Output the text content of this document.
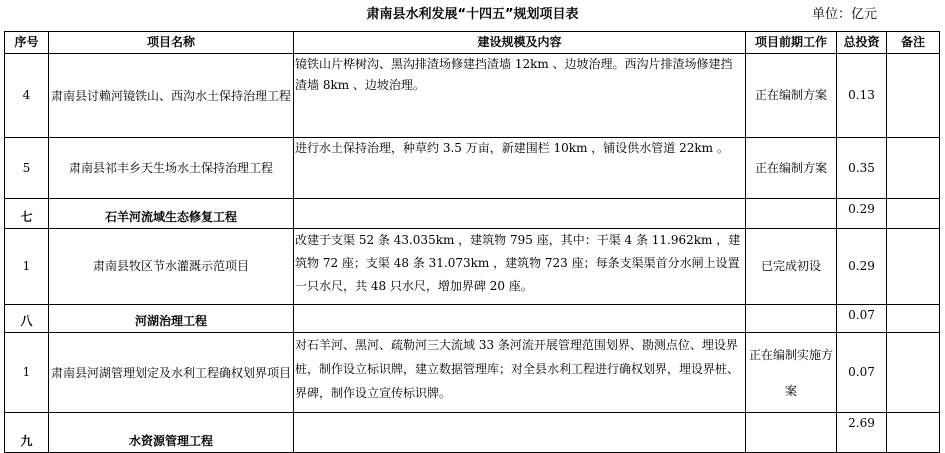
肃南县水利发展“十四五”规划项目表	单位：亿元
序号	项目名称	建设规模及内容	项目前期工作	总投资	备注
4	肃南县讨赖河镜铁山、西沟水土保持治理工程	镜铁山片桦树沟、黑沟排渣场修建挡渣墙 12km 、边坡治理。西沟片排渣场修建挡渣墙 8km 、边坡治理。	正在编制方案	0.13	
5	肃南县祁丰乡天生场水土保持治理工程	进行水土保持治理，种草约 3.5 万亩，新建围栏 10km ，铺设供水管道 22km 。	正在编制方案	0.35	
七	石羊河流域生态修复工程			0.29	
1	肃南县牧区节水灌溉示范项目	改建于支渠 52 条 43.035km ，建筑物 795 座，其中：干渠 4 条 11.962km ，建筑物 72 座；支渠 48 条 31.073km ，建筑物 723 座；每条支渠渠首分水闸上设置一只水尺，共 48 只水尺，增加界碑 20 座。	已完成初设	0.29	
八	河湖治理工程			0.07	
1	肃南县河湖管理划定及水利工程确权划界项目	对石羊河、黑河、疏勒河三大流域 33 条河流开展管理范围划界、勘测点位、埋设界桩，制作设立标识牌，建立数据管理库；对全县水利工程进行确权划界，埋设界桩、界碑，制作设立宣传标识牌。	正在编制实施方案	0.07	
九	水资源管理工程			2.69	
